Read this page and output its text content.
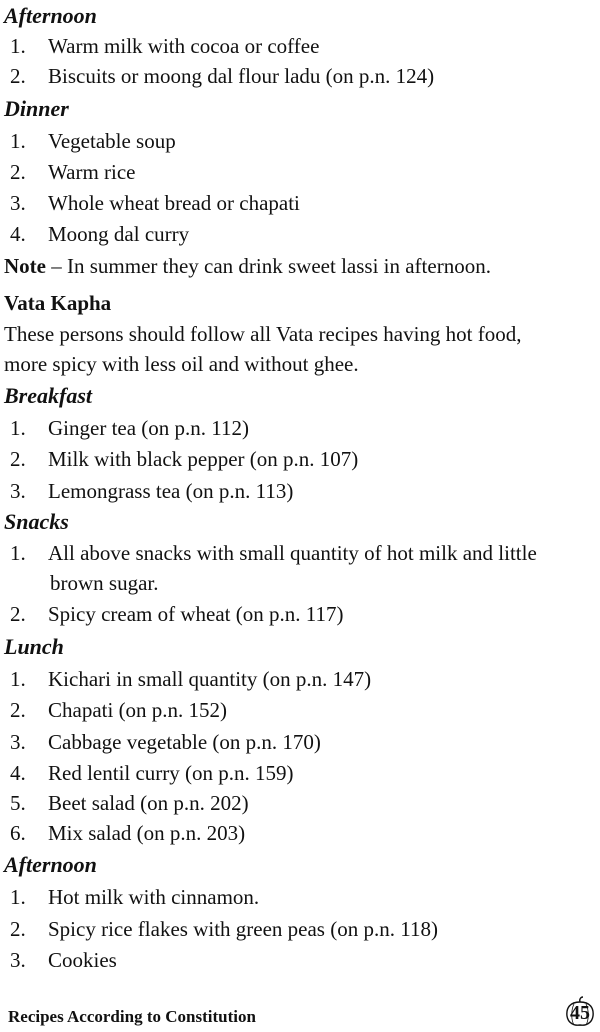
Afternoon
1. Warm milk with cocoa or coffee
2. Biscuits or moong dal flour ladu (on p.n. 124)
Dinner
1. Vegetable soup
2. Warm rice
3. Whole wheat bread or chapati
4. Moong dal curry
Note – In summer they can drink sweet lassi in afternoon.
Vata Kapha
These persons should follow all Vata recipes having hot food,
more spicy with less oil and without ghee.
Breakfast
1. Ginger tea (on p.n. 112)
2. Milk with black pepper (on p.n. 107)
3. Lemongrass tea (on p.n. 113)
Snacks
1. All above snacks with small quantity of hot milk and little
brown sugar.
2. Spicy cream of wheat (on p.n. 117)
Lunch
1. Kichari in small quantity (on p.n. 147)
2. Chapati (on p.n. 152)
3. Cabbage vegetable (on p.n. 170)
4. Red lentil curry (on p.n. 159)
5. Beet salad (on p.n. 202)
6. Mix salad (on p.n. 203)
Afternoon
1. Hot milk with cinnamon.
2. Spicy rice flakes with green peas (on p.n. 118)
3. Cookies
Recipes According to Constitution	45
